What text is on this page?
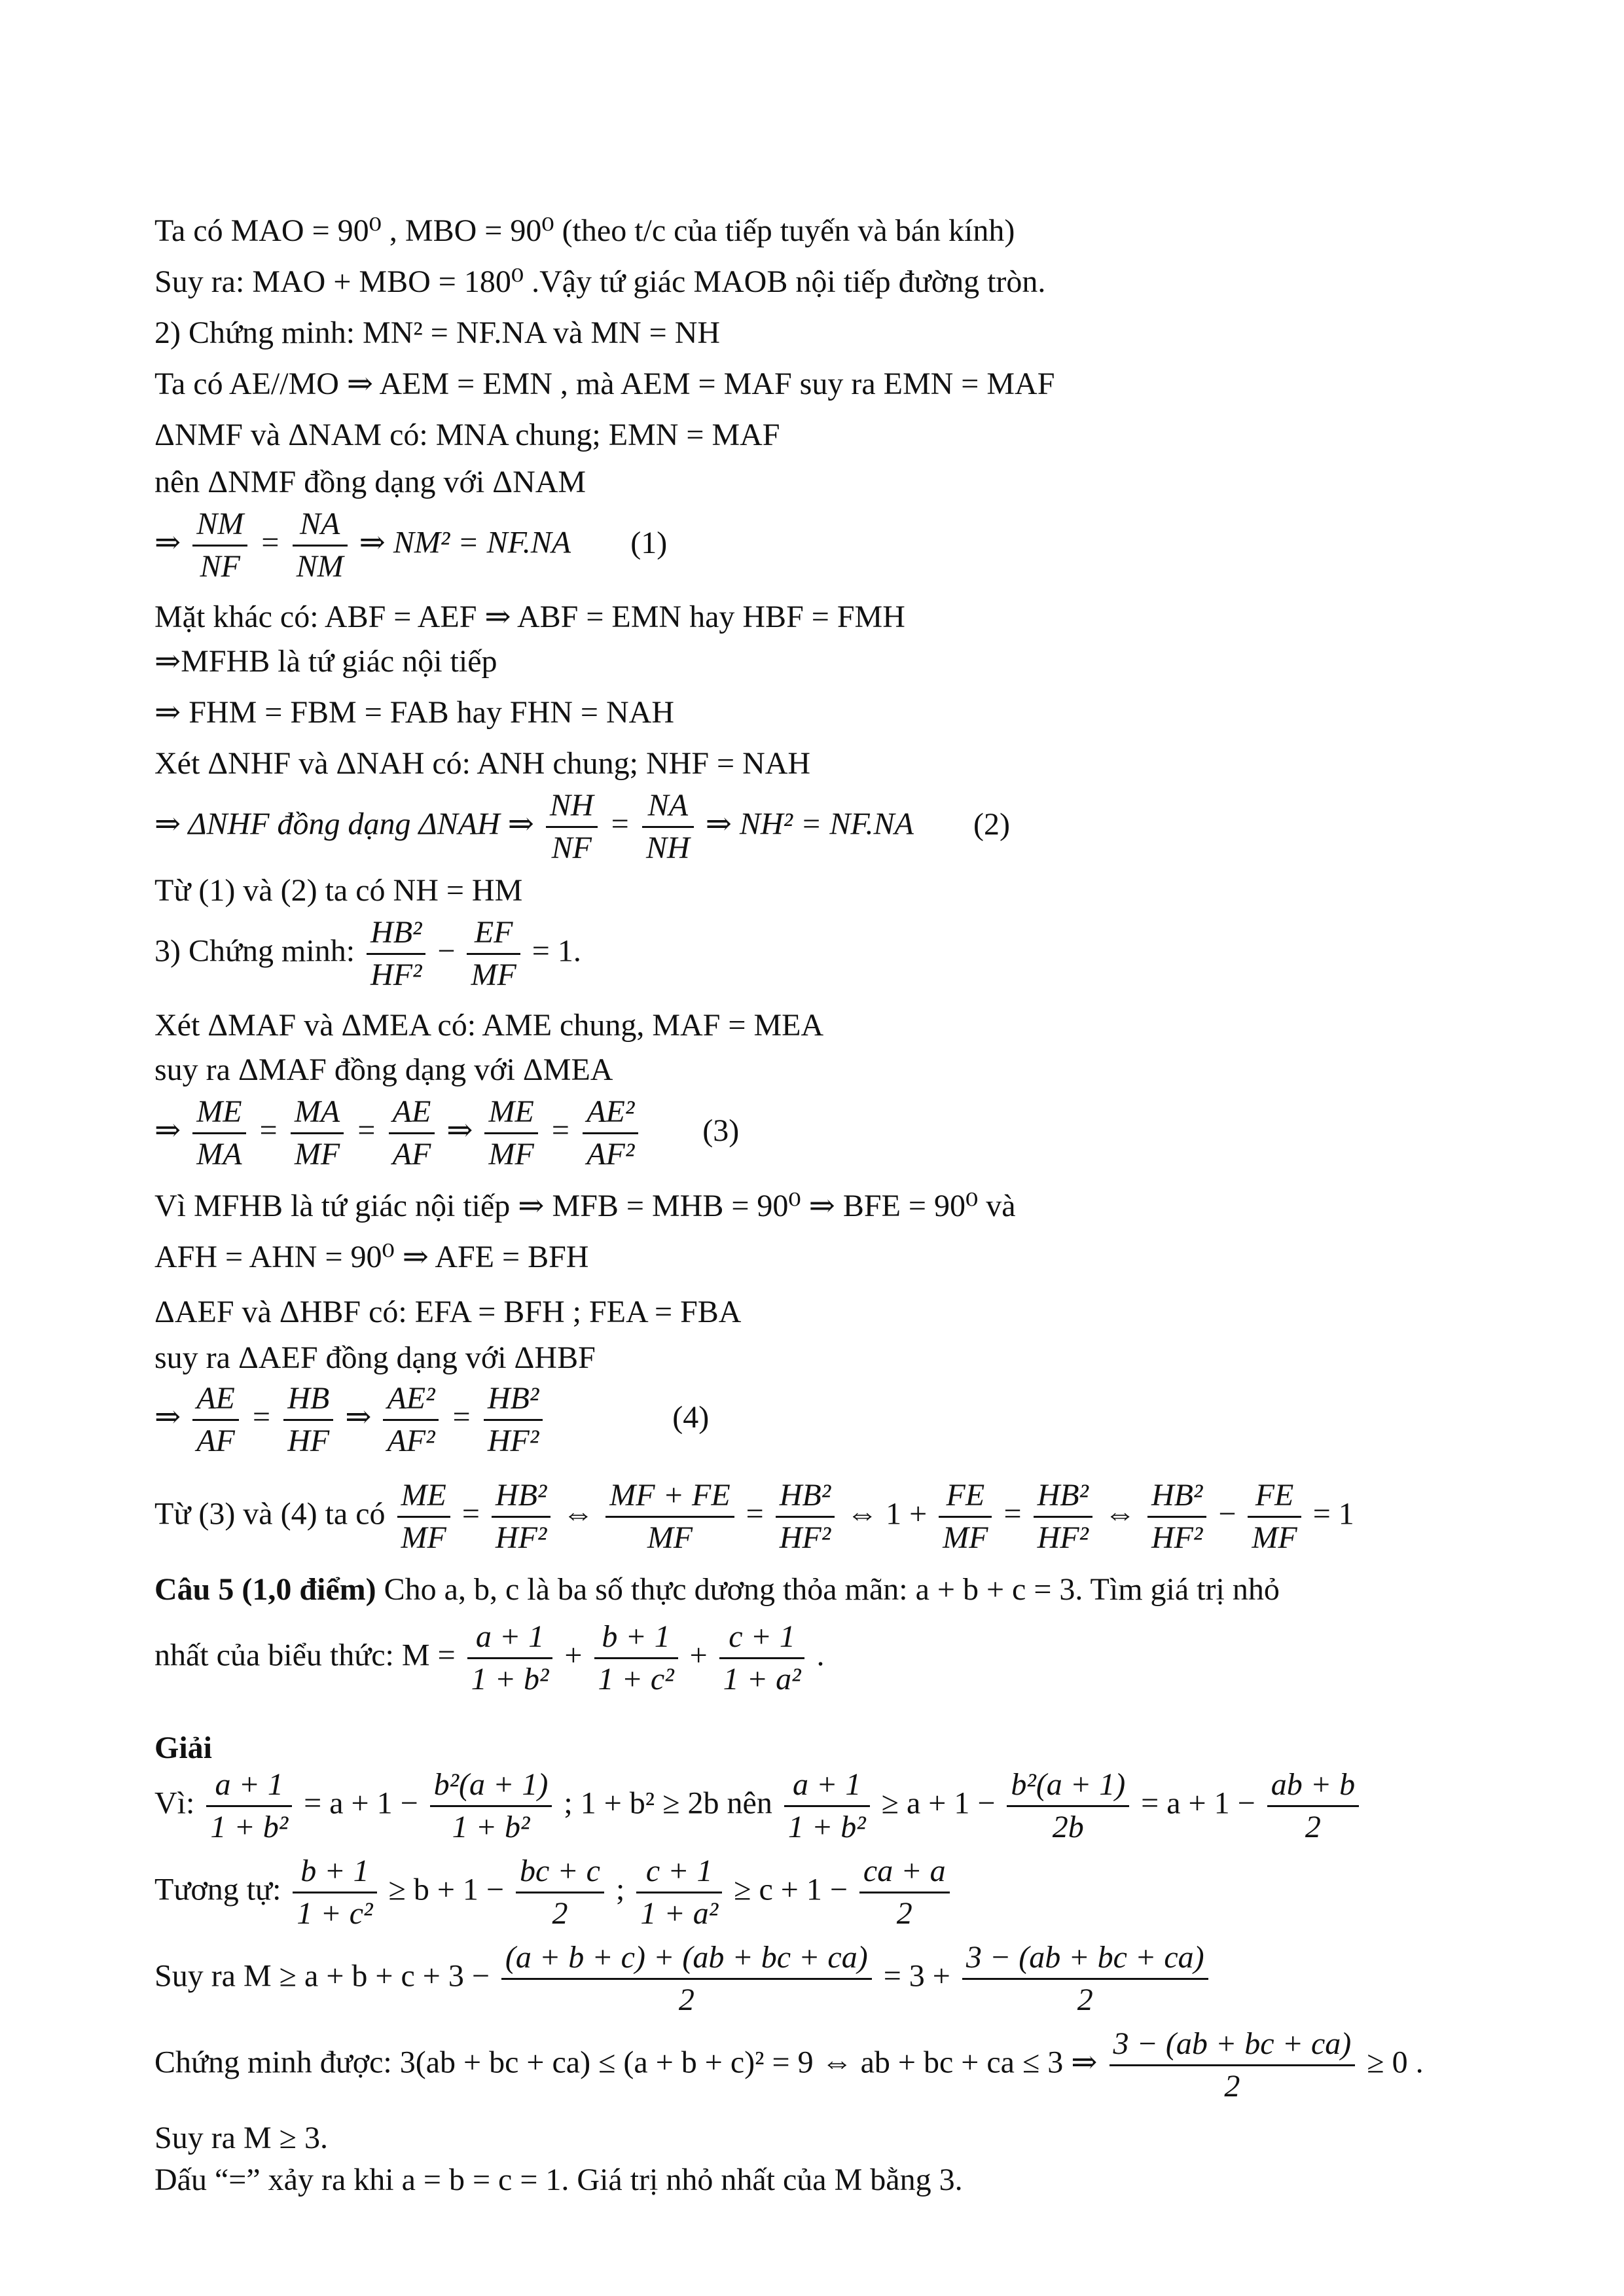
Ta có MAO = 90⁰ , MBO = 90⁰ (theo t/c của tiếp tuyến và bán kính)
Suy ra: MAO + MBO = 180⁰ .Vậy tứ giác MAOB nội tiếp đường tròn.
2) Chứng minh: MN² = NF.NA và MN = NH
Ta có AE//MO ⇒ AEM = EMN , mà AEM = MAF suy ra EMN = MAF
ΔNMF và ΔNAM có: MNA chung; EMN = MAF
nên ΔNMF đồng dạng với ΔNAM
⇒ $\frac{NM}{NF} = \frac{NA}{NM}$ ⇒ NM² = NF.NA (1)
Mặt khác có: ABF = AEF ⇒ ABF = EMN hay HBF = FMH
⇒MFHB là tứ giác nội tiếp
⇒ FHM = FBM = FAB hay FHN = NAH
Xét ΔNHF và ΔNAH có: ANH chung; NHF = NAH
⇒ ΔNHF đồng dạng ΔNAH ⇒ $\frac{NH}{NF} = \frac{NA}{NH}$ ⇒ NH² = NF.NA (2)
Từ (1) và (2) ta có NH = HM
3) Chứng minh: $\frac{\text{HB²}}{\text{HF²}} - \frac{EF}{MF} = 1$.
Xét ΔMAF và ΔMEA có: AME chung, MAF = MEA
suy ra ΔMAF đồng dạng với ΔMEA
⇒ $\frac{ME}{MA} = \frac{MA}{MF} = \frac{AE}{AF}$ ⇒ $\frac{ME}{MF} = \frac{\text{AE²}}{\text{AF²}} (3)$
Vì MFHB là tứ giác nội tiếp ⇒ MFB = MHB = 90⁰ ⇒ BFE = 90⁰ và
AFH = AHN = 90⁰ ⇒ AFE = BFH
ΔAEF và ΔHBF có: EFA = BFH ; FEA = FBA
suy ra ΔAEF đồng dạng với ΔHBF
⇒ $\frac{AE}{AF} = \frac{HB}{HF}$ ⇒ $\frac{\text{AE²}}{\text{AF²}} = \frac{\text{HB²}}{\text{HF²}}$	(4)
Từ (3) và (4) ta có $\frac{ME}{MF} = \frac{\text{HB²}}{\text{HF²}}$ ⇔ $\frac{MF + FE}{MF} = \frac{\text{HB²}}{\text{HF²}}$ ⇔ $1 + \frac{FE}{MF} = \frac{\text{HB²}}{\text{HF²}}$ ⇔ $\frac{\text{HB²}}{\text{HF²}} - \frac{FE}{MF} = 1$
Câu 5 (1,0 điểm) Cho a, b, c là ba số thực dương thỏa mãn: a + b + c = 3. Tìm giá trị nhỏ
nhất của biểu thức: $M = \frac{a + 1}{\text{1 + b²}} + \frac{b + 1}{\text{1 + c²}} + \frac{c + 1}{\text{1 + a²}}$ .
Giải
Vì: $\frac{a + 1}{\text{1 + b²}} = a + 1 - \frac{\text{b²(a + 1)}}{\text{1 + b²}}$ ; 1 + b² ≥ 2b nên $\frac{a + 1}{\text{1 + b²}} \ge a + 1 - \frac{\text{b²(a + 1)}}{2b} = a + 1 - \frac{ab + b}{2}$
Tương tự: $\frac{b + 1}{\text{1 + c²}} \ge b + 1 - \frac{bc + c}{2}$ ; $\frac{c + 1}{\text{1 + a²}} \ge c + 1 - \frac{ca + a}{2}$
Suy ra $M \ge a + b + c + 3 - \frac{(a + b + c) + (ab + bc + ca)}{2} = 3 + \frac{3 - (ab + bc + ca)}{2}$
Chứng minh được: 3(ab + bc + ca) ≤ (a + b + c)² = 9 ⇔ ab + bc + ca ≤ 3 ⇒ $\frac{3 - (ab + bc + ca)}{2} \ge 0$ .
Suy ra M ≥ 3.
Dấu “=” xảy ra khi a = b = c = 1. Giá trị nhỏ nhất của M bằng 3.
